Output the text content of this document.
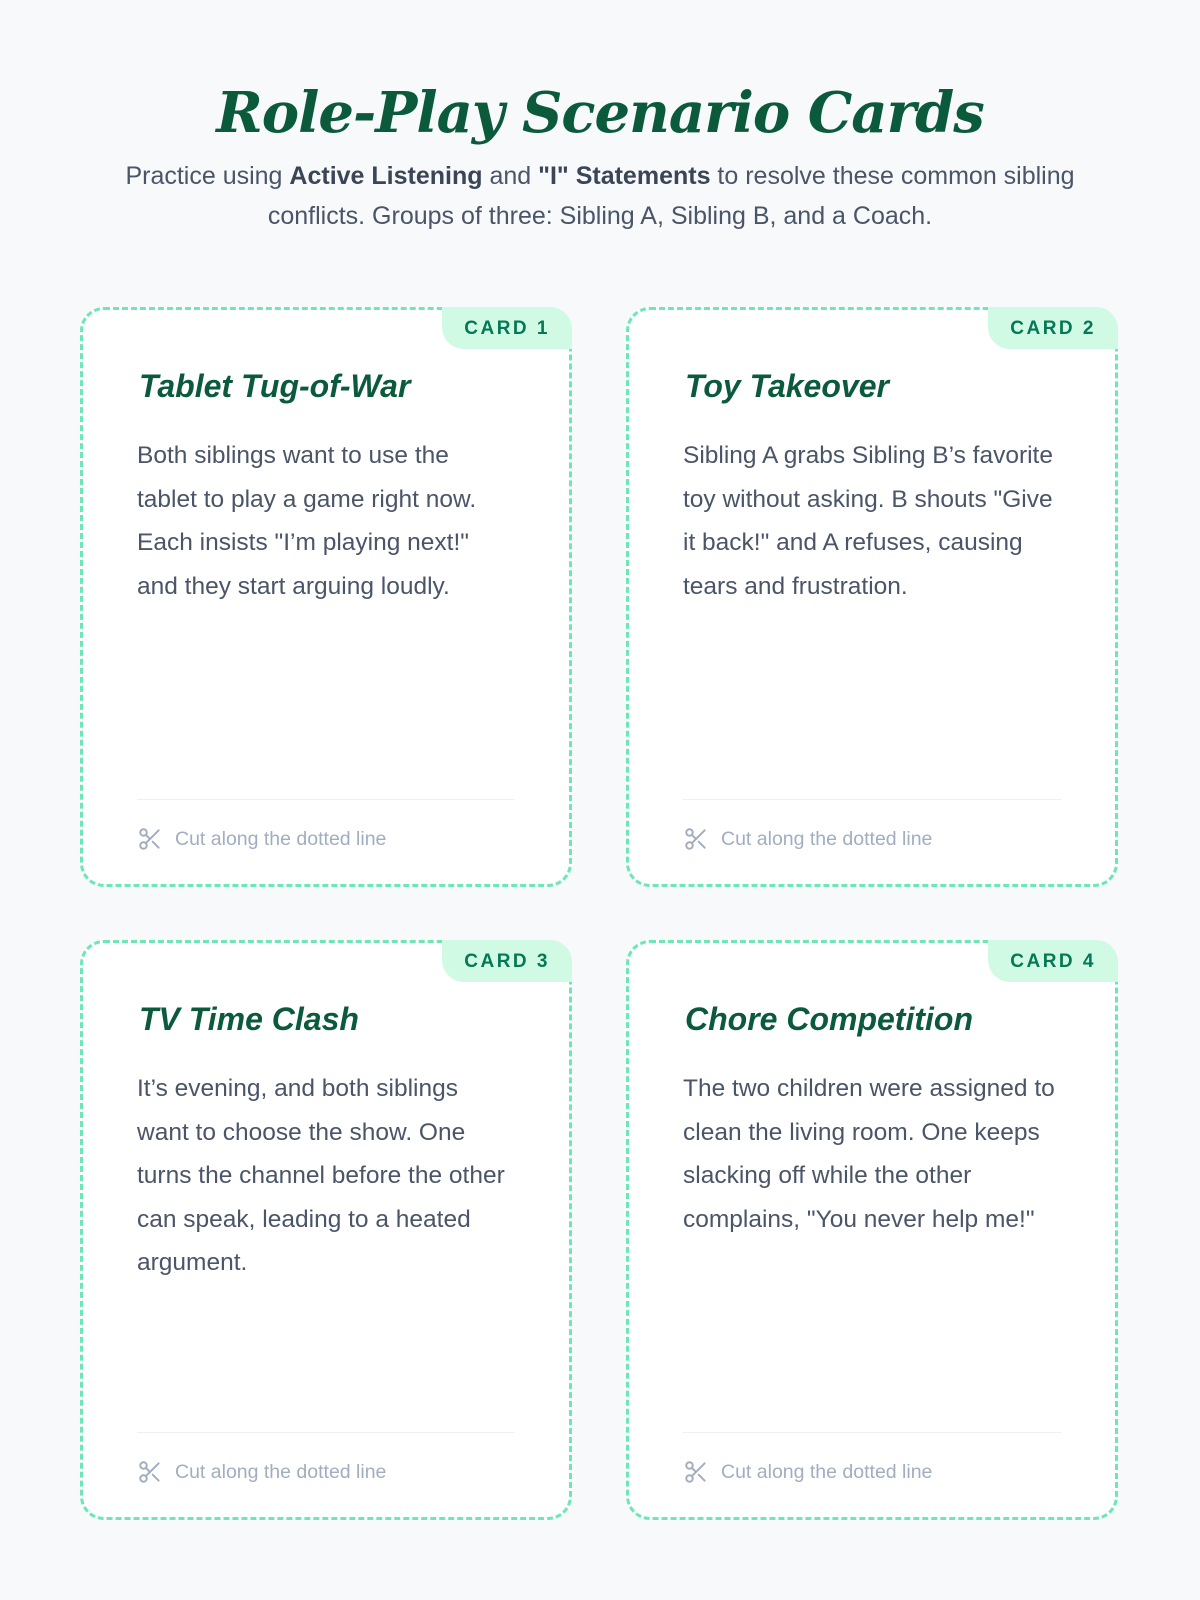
Role-Play Scenario Cards

Practice using Active Listening and "I" Statements to resolve these common sibling conflicts. Groups of three: Sibling A, Sibling B, and a Coach.

CARD 1
Tablet Tug-of-War

Both siblings want to use the tablet to play a game right now. Each insists "I’m playing next!" and they start arguing loudly.

Cut along the dotted line
CARD 2
Toy Takeover

Sibling A grabs Sibling B’s favorite toy without asking. B shouts "Give it back!" and A refuses, causing tears and frustration.

Cut along the dotted line
CARD 3
TV Time Clash

It’s evening, and both siblings want to choose the show. One turns the channel before the other can speak, leading to a heated argument.

Cut along the dotted line
CARD 4
Chore Competition

The two children were assigned to clean the living room. One keeps slacking off while the other complains, "You never help me!"

Cut along the dotted line
